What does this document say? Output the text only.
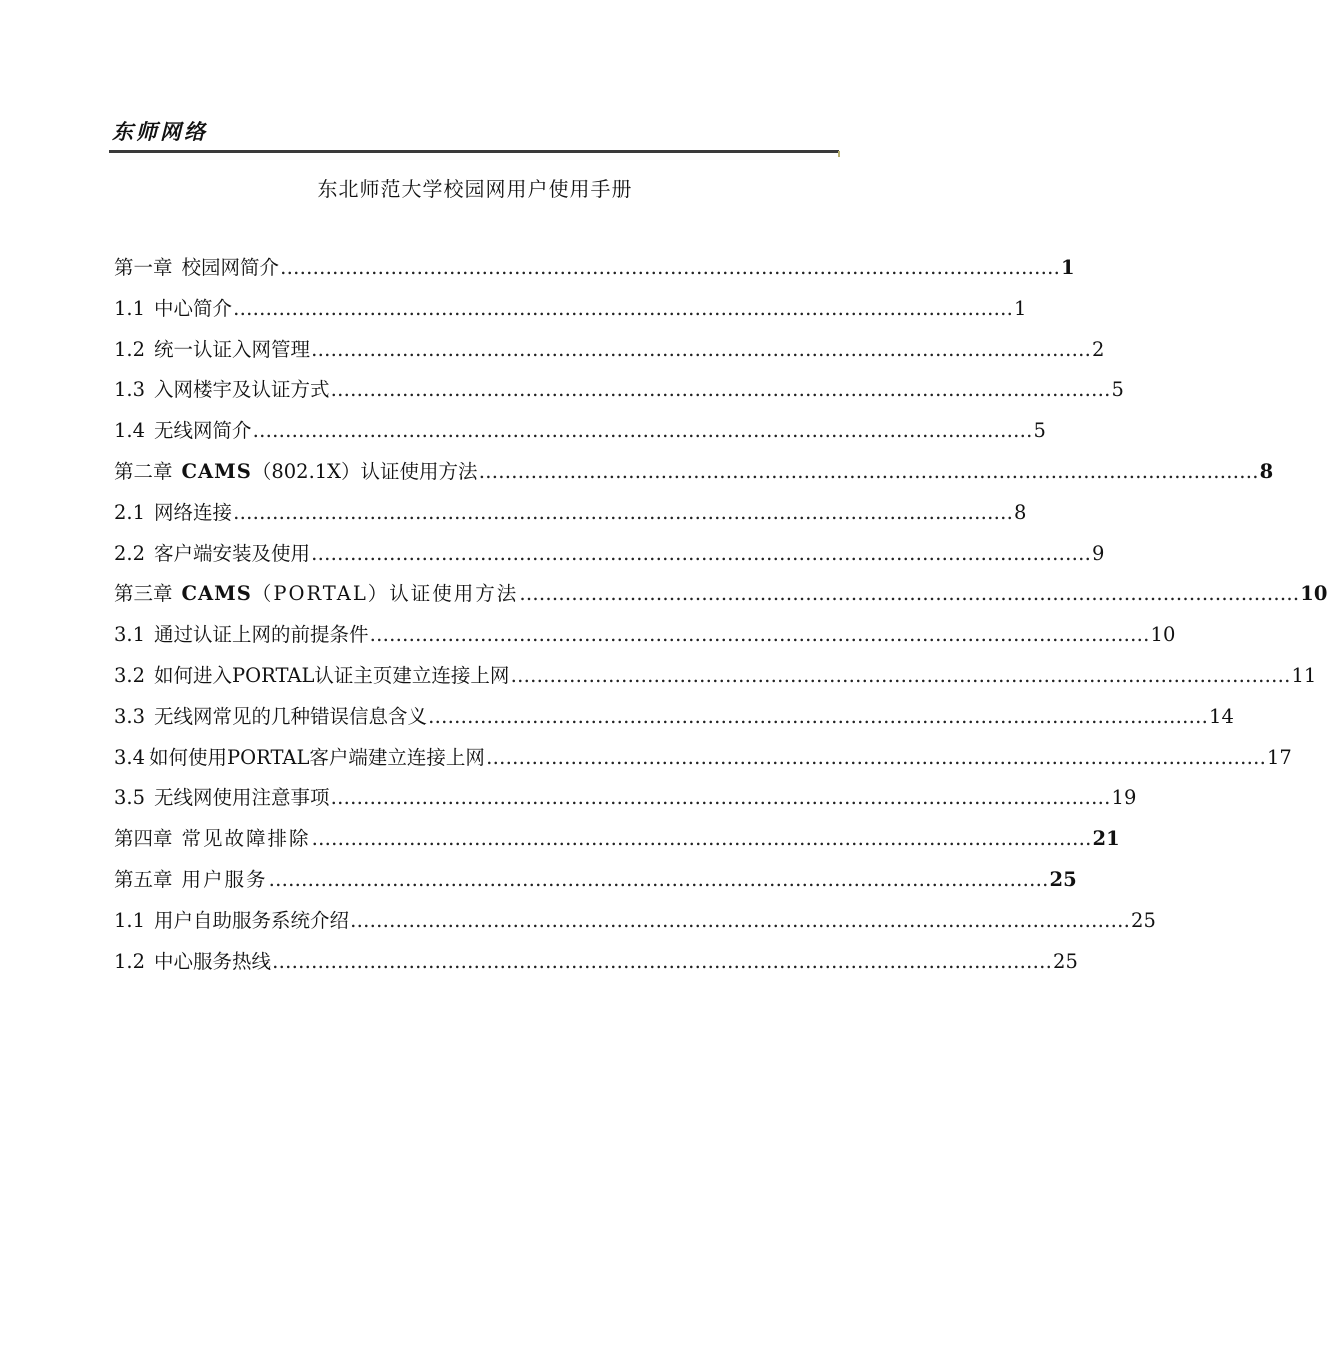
东师网络
东北师范大学校园网用户使用手册
第一章 校园网简介 ………………………………………………………………………………………………………… 1
1.1 中心简介 ………………………………………………………………………………………………………… 1
1.2 统一认证入网管理 ………………………………………………………………………………………………………… 2
1.3 入网楼宇及认证方式 ………………………………………………………………………………………………………… 5
1.4 无线网简介 ………………………………………………………………………………………………………… 5
第二章 CAMS （802.1X）认证使用方法 ………………………………………………………………………………………………………… 8
2.1 网络连接 ………………………………………………………………………………………………………… 8
2.2 客户端安装及使用 ………………………………………………………………………………………………………… 9
第三章 CAMS （PORTAL）认证使用方法 ………………………………………………………………………………………………………… 10
3.1 通过 认证上网的前提条件 ………………………………………………………………………………………………………… 10
3.2 如何进入PORTAL认证主页建立连接上网 ………………………………………………………………………………………………………… 11
3.3 无线网常见的几种错误信息含义 ………………………………………………………………………………………………………… 14
3.4 如何使用PORTAL客户端建立连接上网 ………………………………………………………………………………………………………… 17
3.5 无线网使用注意事项 ………………………………………………………………………………………………………… 19
第四章 常见故障排除 ………………………………………………………………………………………………………… 21
第五章 用户服务 ………………………………………………………………………………………………………… 25
1.1 用户自助服务系统介绍 ………………………………………………………………………………………………………… 25
1.2 中心服务热线 ………………………………………………………………………………………………………… 25
